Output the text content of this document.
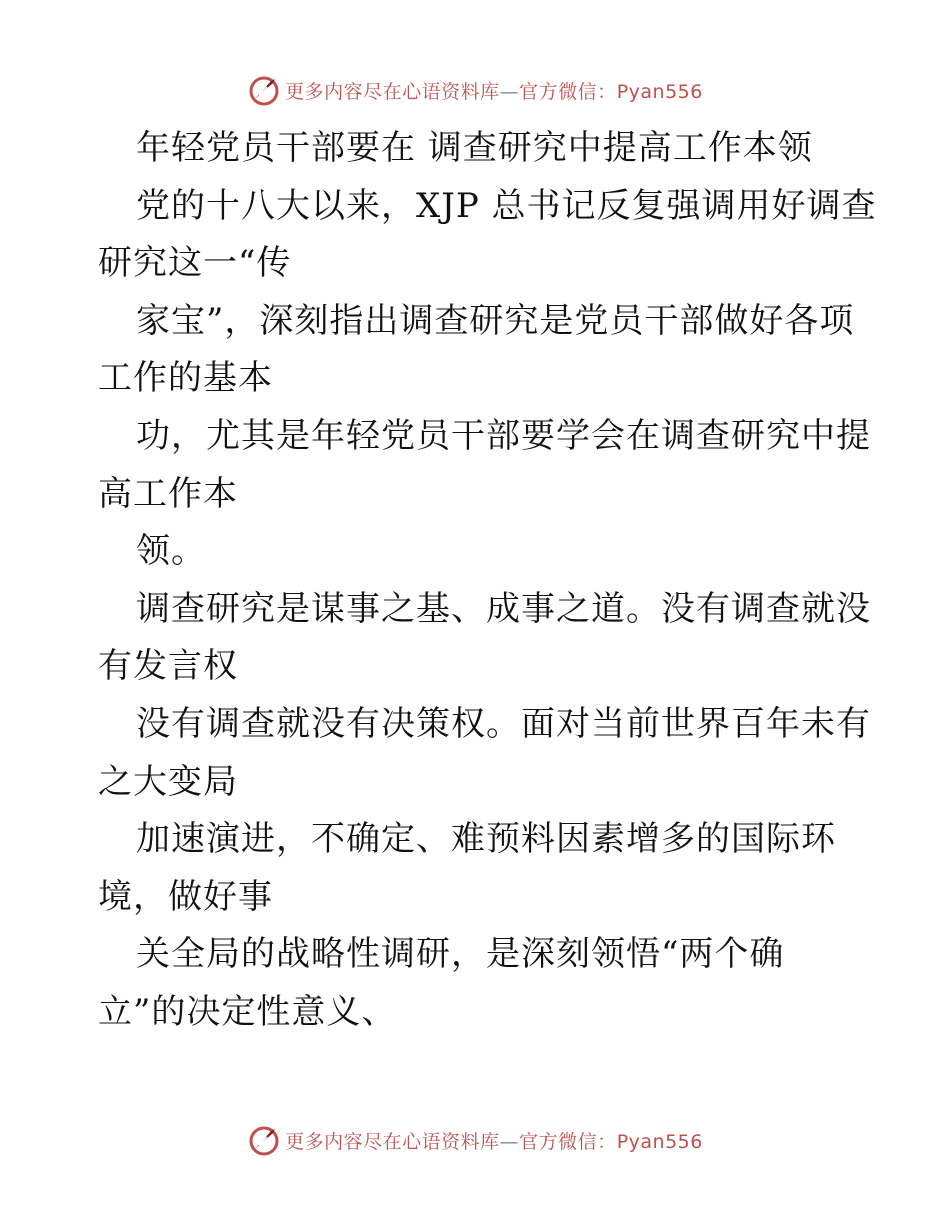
更多内容尽在心语资料库—官方微信：Pyan556
年轻党员干部要在 调查研究中提高工作本领
党的十八大以来，XJP 总书记反复强调用好调查
研究这一“传
家宝”，深刻指出调查研究是党员干部做好各项
工作的基本
功，尤其是年轻党员干部要学会在调查研究中提
高工作本
领。
调查研究是谋事之基、成事之道。没有调查就没
有发言权
没有调查就没有决策权。面对当前世界百年未有
之大变局
加速演进，不确定、难预料因素增多的国际环
境，做好事
关全局的战略性调研，是深刻领悟“两个确
立”的决定性意义、
更多内容尽在心语资料库—官方微信：Pyan556
